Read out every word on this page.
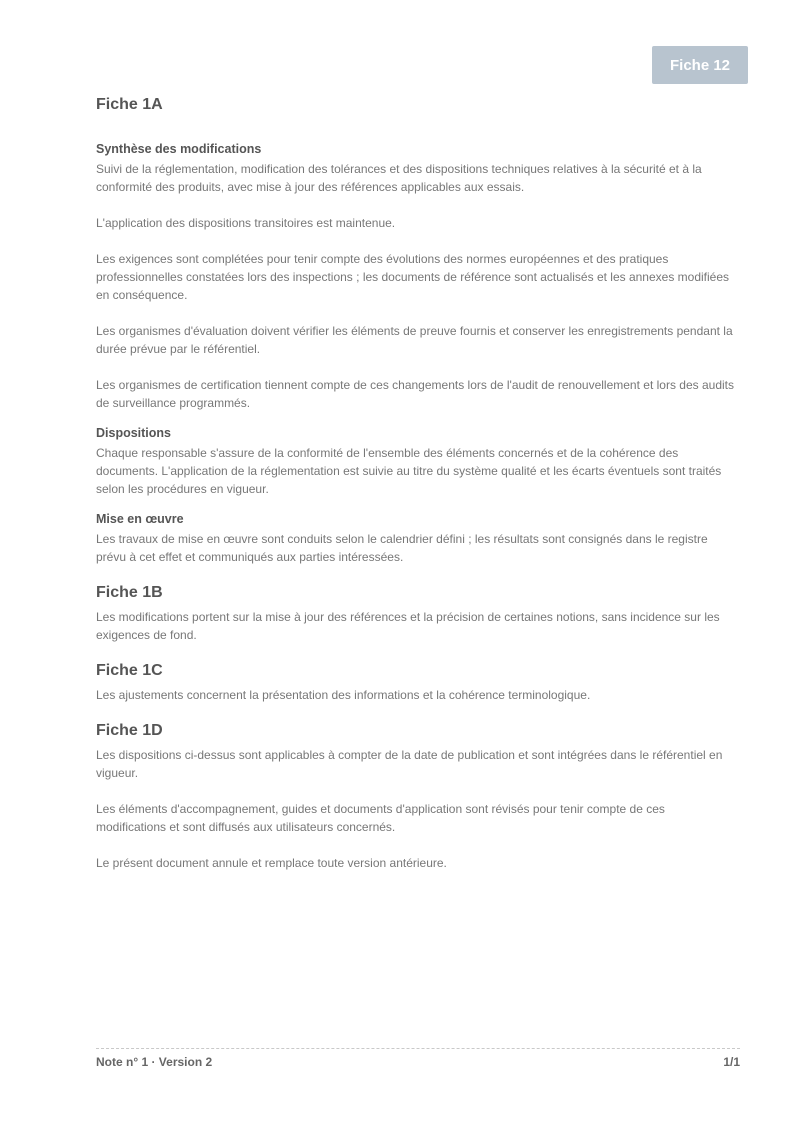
Fiche 12
Fiche 1A
Synthèse des modifications

Suivi de la réglementation, modification des tolérances et des dispositions techniques relatives à la sécurité et à la conformité des produits, avec mise à jour des références applicables aux essais.

L'application des dispositions transitoires est maintenue.

Les exigences sont complétées pour tenir compte des évolutions des normes européennes et des pratiques professionnelles constatées lors des inspections ; les documents de référence sont actualisés et les annexes modifiées en conséquence.

Les organismes d'évaluation doivent vérifier les éléments de preuve fournis et conserver les enregistrements pendant la durée prévue par le référentiel.

Les organismes de certification tiennent compte de ces changements lors de l'audit de renouvellement et lors des audits de surveillance programmés.

Dispositions

Chaque responsable s'assure de la conformité de l'ensemble des éléments concernés et de la cohérence des documents. L'application de la réglementation est suivie au titre du système qualité et les écarts éventuels sont traités selon les procédures en vigueur.

Mise en œuvre

Les travaux de mise en œuvre sont conduits selon le calendrier défini ; les résultats sont consignés dans le registre prévu à cet effet et communiqués aux parties intéressées.

Fiche 1B

Les modifications portent sur la mise à jour des références et la précision de certaines notions, sans incidence sur les exigences de fond.

Fiche 1C

Les ajustements concernent la présentation des informations et la cohérence terminologique.

Fiche 1D

Les dispositions ci-dessus sont applicables à compter de la date de publication et sont intégrées dans le référentiel en vigueur.

Les éléments d'accompagnement, guides et documents d'application sont révisés pour tenir compte de ces modifications et sont diffusés aux utilisateurs concernés.

Le présent document annule et remplace toute version antérieure.

Note n° 1 · Version 2	1/1
